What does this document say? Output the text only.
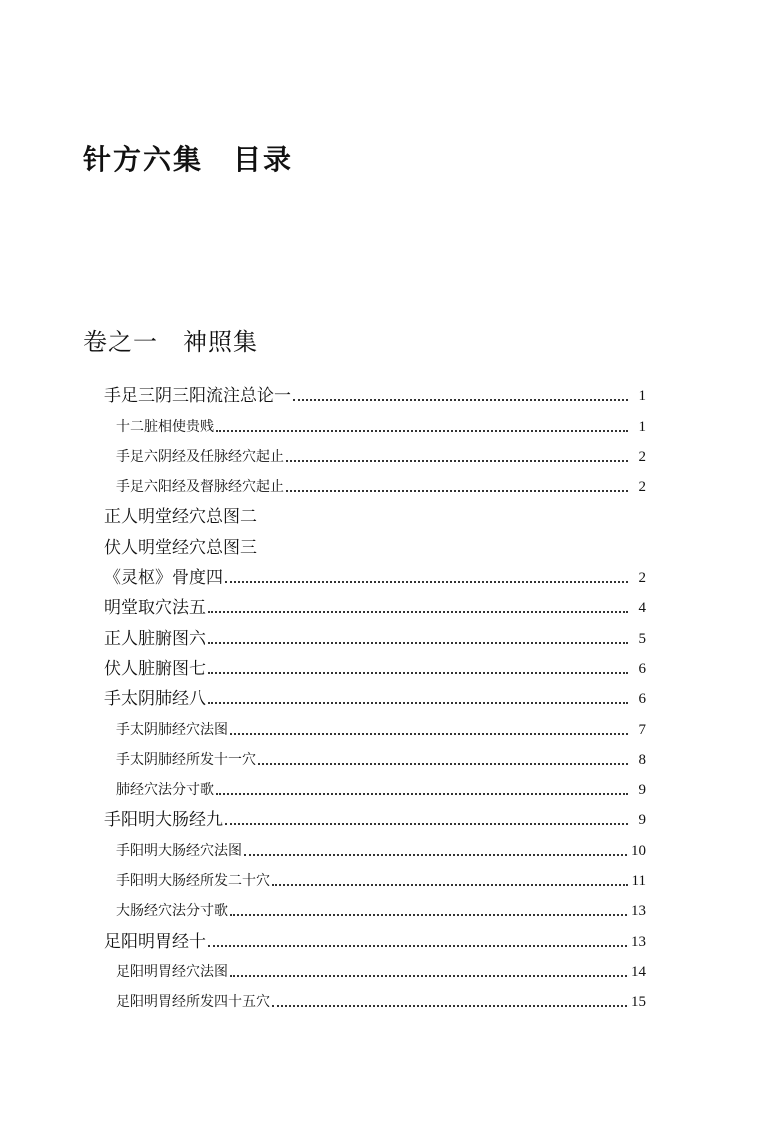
针方六集　目录
卷之一　神照集
手足三阴三阳流注总论一	1
十二脏相使贵贱	1
手足六阴经及任脉经穴起止	2
手足六阳经及督脉经穴起止	2
正人明堂经穴总图二
伏人明堂经穴总图三
《灵枢》骨度四	2
明堂取穴法五	4
正人脏腑图六	5
伏人脏腑图七	6
手太阴肺经八	6
手太阴肺经穴法图	7
手太阴肺经所发十一穴	8
肺经穴法分寸歌	9
手阳明大肠经九	9
手阳明大肠经穴法图	10
手阳明大肠经所发二十穴	11
大肠经穴法分寸歌	13
足阳明胃经十	13
足阳明胃经穴法图	14
足阳明胃经所发四十五穴	15
